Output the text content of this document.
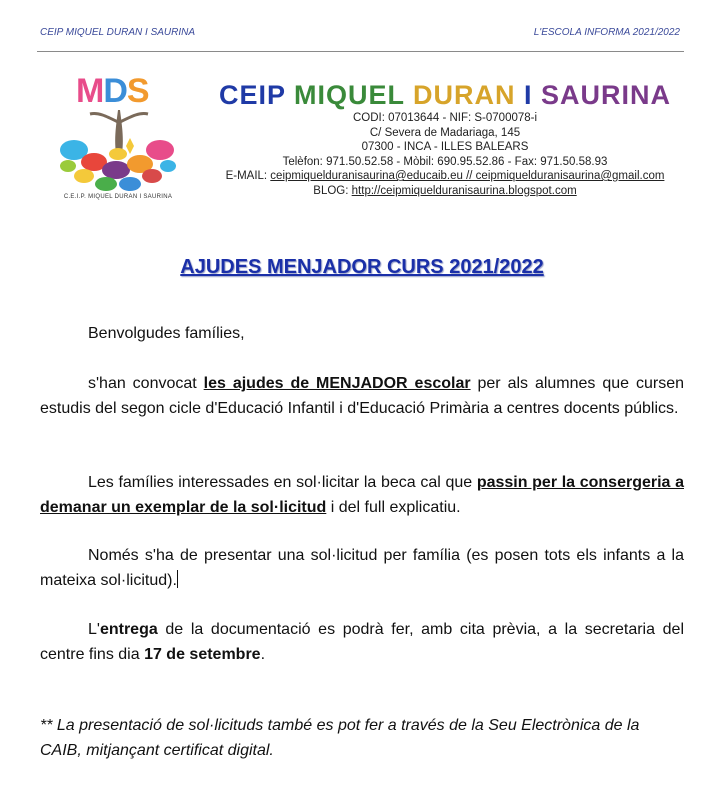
CEIP MIQUEL DURAN I SAURINA	L'ESCOLA INFORMA 2021/2022
MDS
C.E.I.P. MIQUEL DURAN I SAURINA
CEIP MIQUEL DURAN I SAURINA
CODI: 07013644 - NIF: S-0700078-i
C/ Severa de Madariaga, 145
07300 - INCA - ILLES BALEARS
Telèfon: 971.50.52.58 - Mòbil: 690.95.52.86 - Fax: 971.50.58.93
E-MAIL: ceipmiquelduranisaurina@educaib.eu // ceipmiquelduranisaurina@gmail.com
BLOG: http://ceipmiquelduranisaurina.blogspot.com
AJUDES MENJADOR CURS 2021/2022
Benvolgudes famílies,
s'han convocat les ajudes de MENJADOR escolar per als alumnes que cursen estudis del segon cicle d'Educació Infantil i d'Educació Primària a centres docents públics.
Les famílies interessades en sol·licitar la beca cal que passin per la consergeria a demanar un exemplar de la sol·licitud i del full explicatiu.
Només s'ha de presentar una sol·licitud per família (es posen tots els infants a la mateixa sol·licitud).
L'entrega de la documentació es podrà fer, amb cita prèvia, a la secretaria del centre fins dia 17 de setembre.
** La presentació de sol·licituds també es pot fer a través de la Seu Electrònica de la CAIB, mitjançant certificat digital.
